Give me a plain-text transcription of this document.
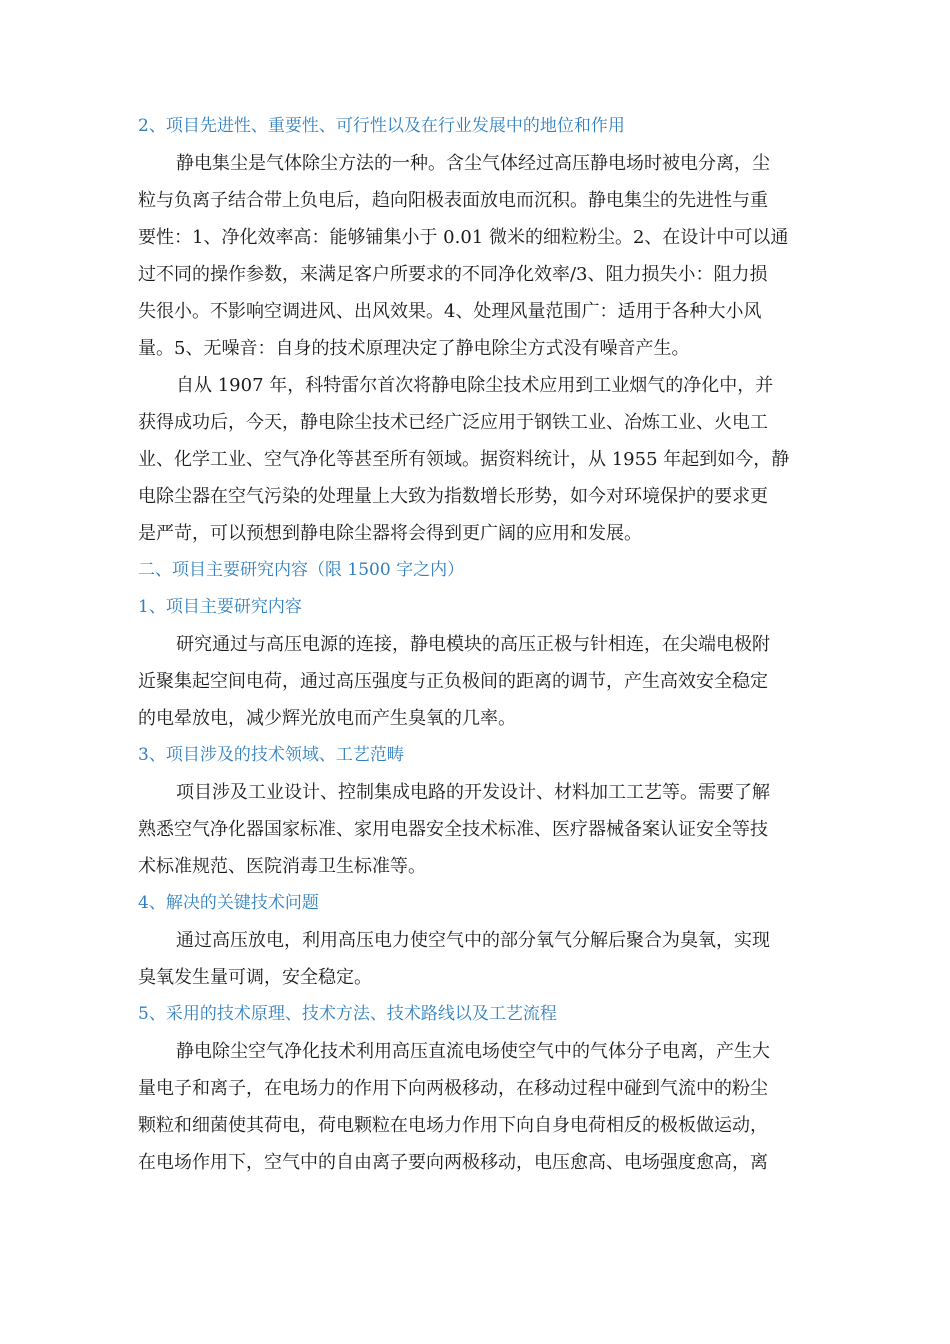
2、项目先进性、重要性、可行性以及在行业发展中的地位和作用

静电集尘是气体除尘方法的一种。含尘气体经过高压静电场时被电分离，尘
粒与负离子结合带上负电后，趋向阳极表面放电而沉积。静电集尘的先进性与重
要性：1、净化效率高：能够铺集小于 0.01 微米的细粒粉尘。2、在设计中可以通
过不同的操作参数，来满足客户所要求的不同净化效率/3、阻力损失小：阻力损
失很小。不影响空调进风、出风效果。4、处理风量范围广：适用于各种大小风
量。5、无噪音：自身的技术原理决定了静电除尘方式没有噪音产生。
自从 1907 年，科特雷尔首次将静电除尘技术应用到工业烟气的净化中，并
获得成功后，今天，静电除尘技术已经广泛应用于钢铁工业、冶炼工业、火电工
业、化学工业、空气净化等甚至所有领域。据资料统计，从 1955 年起到如今，静
电除尘器在空气污染的处理量上大致为指数增长形势，如今对环境保护的要求更
是严苛，可以预想到静电除尘器将会得到更广阔的应用和发展。

二、项目主要研究内容（限 1500 字之内）

1、项目主要研究内容

研究通过与高压电源的连接，静电模块的高压正极与针相连，在尖端电极附
近聚集起空间电荷，通过高压强度与正负极间的距离的调节，产生高效安全稳定
的电晕放电，减少辉光放电而产生臭氧的几率。

3、项目涉及的技术领域、工艺范畴

项目涉及工业设计、控制集成电路的开发设计、材料加工工艺等。需要了解
熟悉空气净化器国家标准、家用电器安全技术标准、医疗器械备案认证安全等技
术标准规范、医院消毒卫生标准等。

4、解决的关键技术问题

通过高压放电，利用高压电力使空气中的部分氧气分解后聚合为臭氧，实现
臭氧发生量可调，安全稳定。

5、采用的技术原理、技术方法、技术路线以及工艺流程

静电除尘空气净化技术利用高压直流电场使空气中的气体分子电离，产生大
量电子和离子，在电场力的作用下向两极移动，在移动过程中碰到气流中的粉尘
颗粒和细菌使其荷电，荷电颗粒在电场力作用下向自身电荷相反的极板做运动，
在电场作用下，空气中的自由离子要向两极移动，电压愈高、电场强度愈高，离
